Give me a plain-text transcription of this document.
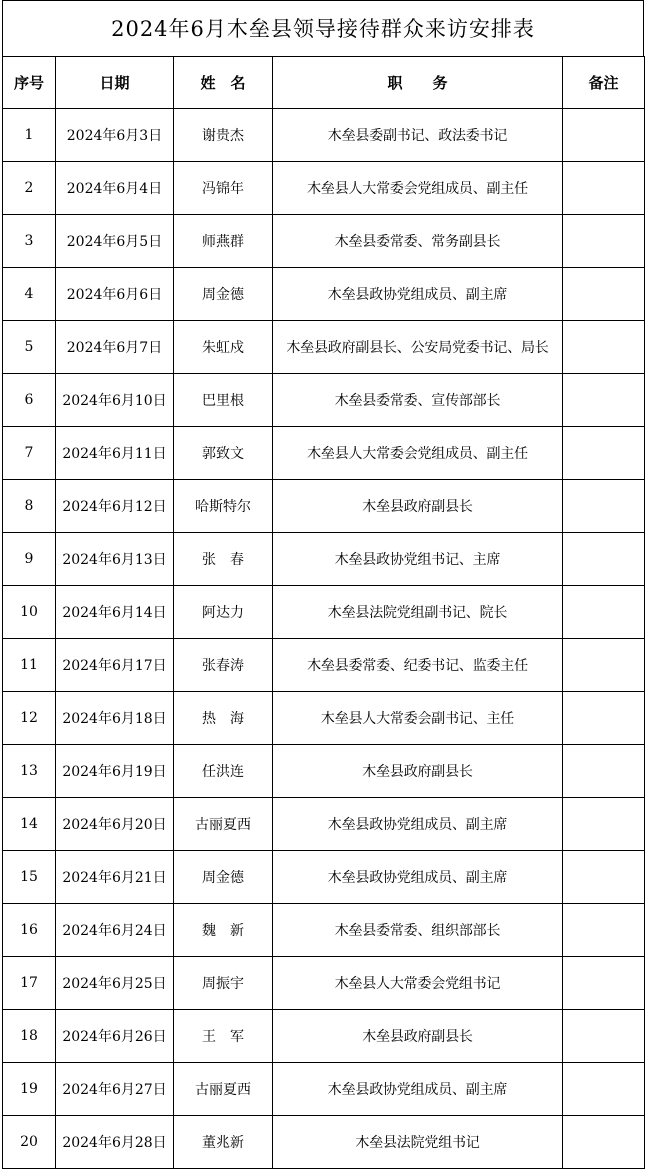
2024年6月木垒县领导接待群众来访安排表
序号	日期	姓　名	职　　务	备注
1	2024年6月3日	谢贵杰	木垒县委副书记、政法委书记	
2	2024年6月4日	冯锦年	木垒县人大常委会党组成员、副主任	
3	2024年6月5日	师燕群	木垒县委常委、常务副县长	
4	2024年6月6日	周金德	木垒县政协党组成员、副主席	
5	2024年6月7日	朱虹戍	木垒县政府副县长、公安局党委书记、局长	
6	2024年6月10日	巴里根	木垒县委常委、宣传部部长	
7	2024年6月11日	郭致文	木垒县人大常委会党组成员、副主任	
8	2024年6月12日	哈斯特尔	木垒县政府副县长	
9	2024年6月13日	张　春	木垒县政协党组书记、主席	
10	2024年6月14日	阿达力	木垒县法院党组副书记、院长	
11	2024年6月17日	张春涛	木垒县委常委、纪委书记、监委主任	
12	2024年6月18日	热　海	木垒县人大常委会副书记、主任	
13	2024年6月19日	任洪连	木垒县政府副县长	
14	2024年6月20日	古丽夏西	木垒县政协党组成员、副主席	
15	2024年6月21日	周金德	木垒县政协党组成员、副主席	
16	2024年6月24日	魏　新	木垒县委常委、组织部部长	
17	2024年6月25日	周振宇	木垒县人大常委会党组书记	
18	2024年6月26日	王　军	木垒县政府副县长	
19	2024年6月27日	古丽夏西	木垒县政协党组成员、副主席	
20	2024年6月28日	董兆新	木垒县法院党组书记	
